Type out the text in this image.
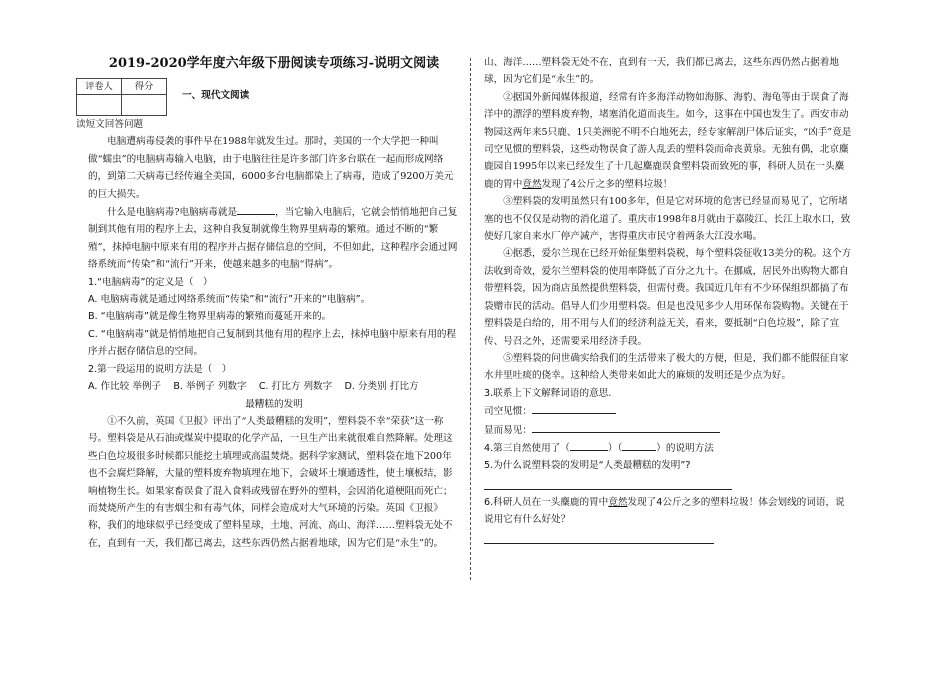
2019-2020学年度六年级下册阅读专项练习-说明文阅读
评卷人	得分
	一、现代文阅读

读短文回答问题

电脑遭病毒侵袭的事件早在1988年就发生过。那时，美国的一个大学把一种叫做“蠕虫”的电脑病毒输入电脑，由于电脑往往是许多部门许多台联在一起而形成网络的，到第二天病毒已经传遍全美国，6000多台电脑都染上了病毒，造成了9200万美元的巨大损失。

什么是电脑病毒?电脑病毒就是	，当它输入电脑后，它就会悄悄地把自己复制到其他有用的程序上去，这种自我复制就像生物界里病毒的繁殖。通过不断的“繁殖”，抹掉电脑中原来有用的程序并占据存储信息的空间，不但如此，这种程序会通过网络系统而“传染”和“流行”开来，使越来越多的电脑“得病”。

1.“电脑病毒”的定义是（　）

A. 电脑病毒就是通过网络系统而“传染”和“流行”开来的“电脑病”。

B. “电脑病毒”就是像生物界里病毒的繁殖而蔓延开来的。

C. “电脑病毒”就是悄悄地把自己复制到其他有用的程序上去，抹掉电脑中原来有用的程序并占据存储信息的空间。

2.第一段运用的说明方法是（　）

A. 作比较 举例子 B. 举例子 列数字 C. 打比方 列数字 D. 分类别 打比方

最糟糕的发明

①不久前，英国《卫报》评出了“人类最糟糕的发明”，塑料袋不幸“荣获”这一称号。塑料袋是从石油或煤炭中提取的化学产品，一旦生产出来就很难自然降解。处理这些白色垃圾很多时候都只能挖土填埋或高温焚烧。据科学家测试，塑料袋在地下200年也不会腐烂降解，大量的塑料废弃物填埋在地下，会破坏土壤通透性，使土壤板结，影响植物生长。如果家畜误食了混入食料或残留在野外的塑料，会因消化道梗阻而死亡；而焚烧所产生的有害烟尘和有毒气体，同样会造成对大气环境的污染。英国《卫报》称，我们的地球似乎已经变成了塑料星球，土地、河流、高山、海洋……塑料袋无处不在，直到有一天，我们都已离去，这些东西仍然占据着地球，因为它们是“永生”的。

山、海洋……塑料袋无处不在，直到有一天，我们都已离去，这些东西仍然占据着地球，因为它们是“永生”的。

②据国外新闻媒体报道，经常有许多海洋动物如海豚、海豹、海龟等由于误食了海洋中的漂浮的塑料废弃物，堵塞消化道而丧生。如今，这事在中国也发生了。西安市动物园这两年来5只鹿、1只美洲驼不明不白地死去，经专家解剖尸体后证实，“凶手”竟是司空见惯的塑料袋，这些动物误食了游人乱丢的塑料袋而命丧黄泉。无独有偶，北京麋鹿园自1995年以来已经发生了十几起麋鹿误食塑料袋而致死的事，科研人员在一头麋鹿的胃中竟然发现了4公斤之多的塑料垃圾！

③塑料袋的发明虽然只有100多年，但是它对环境的危害已经显而易见了，它所堵塞的也不仅仅是动物的消化道了。重庆市1998年8月就由于嘉陵江、长江上取水口，致使好几家自来水厂停产减产，害得重庆市民守着两条大江没水喝。

④据悉，爱尔兰现在已经开始征集塑料袋税，每个塑料袋征收13美分的税。这个方法收到奇效，爱尔兰塑料袋的使用率降低了百分之九十。在挪威，居民外出购物大都自带塑料袋，因为商店虽然提供塑料袋，但需付费。我国近几年有不少环保组织都搞了布袋赠市民的活动。倡导人们少用塑料袋。但是也没见多少人用环保布袋购物。关键在于塑料袋是白给的，用不用与人们的经济利益无关，看来，要抵制“白色垃圾”，除了宣传、号召之外，还需要采用经济手段。

⑤塑料袋的问世确实给我们的生活带来了极大的方便，但是，我们都不能假征自家水井里吐痰的侥幸。这种给人类带来如此大的麻烦的发明还是少点为好。

3.联系上下文解释词语的意思.

司空见惯：

显而易见：

4.第三自然使用了（	）（	）的说明方法

5.为什么说塑料袋的发明是“人类最糟糕的发明”?

6.科研人员在一头麋鹿的胃中竟然发现了4公斤之多的塑料垃圾！体会划线的词语，说说用它有什么好处？
